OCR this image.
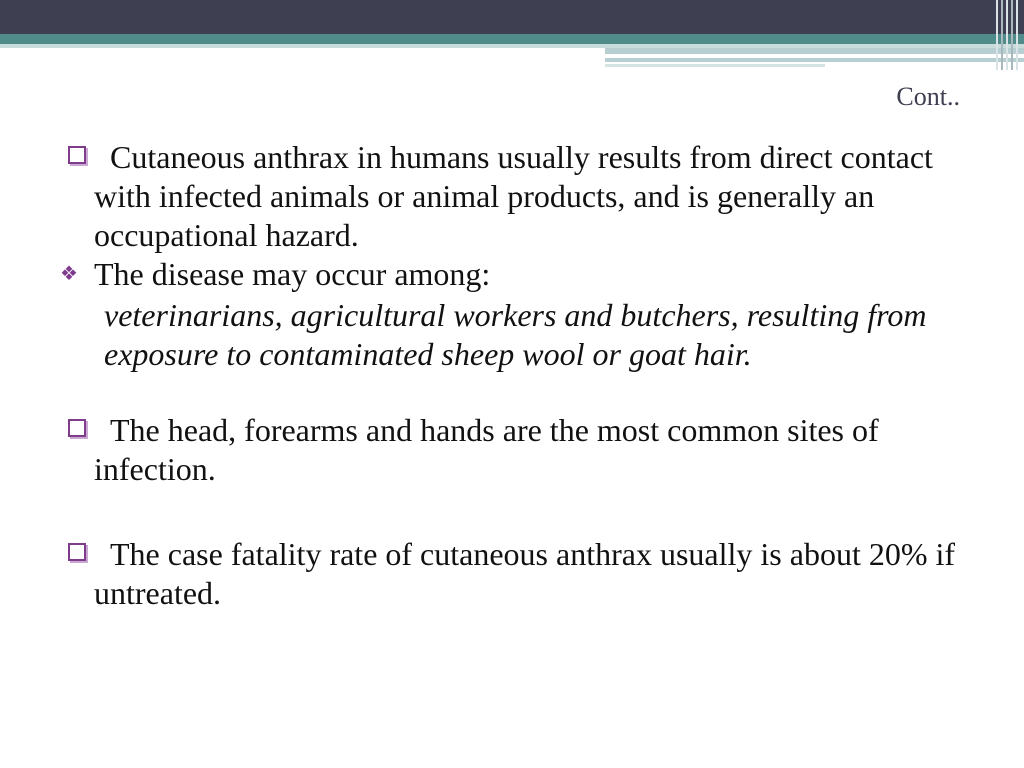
Cont..
Cutaneous anthrax in humans usually results from direct contact with infected animals or animal products, and is generally an occupational hazard.
❖ The disease may occur among:
veterinarians, agricultural workers and butchers, resulting from exposure to contaminated sheep wool or goat hair.
The head, forearms and hands are the most common sites of infection.
The case fatality rate of cutaneous anthrax usually is about 20% if untreated.
